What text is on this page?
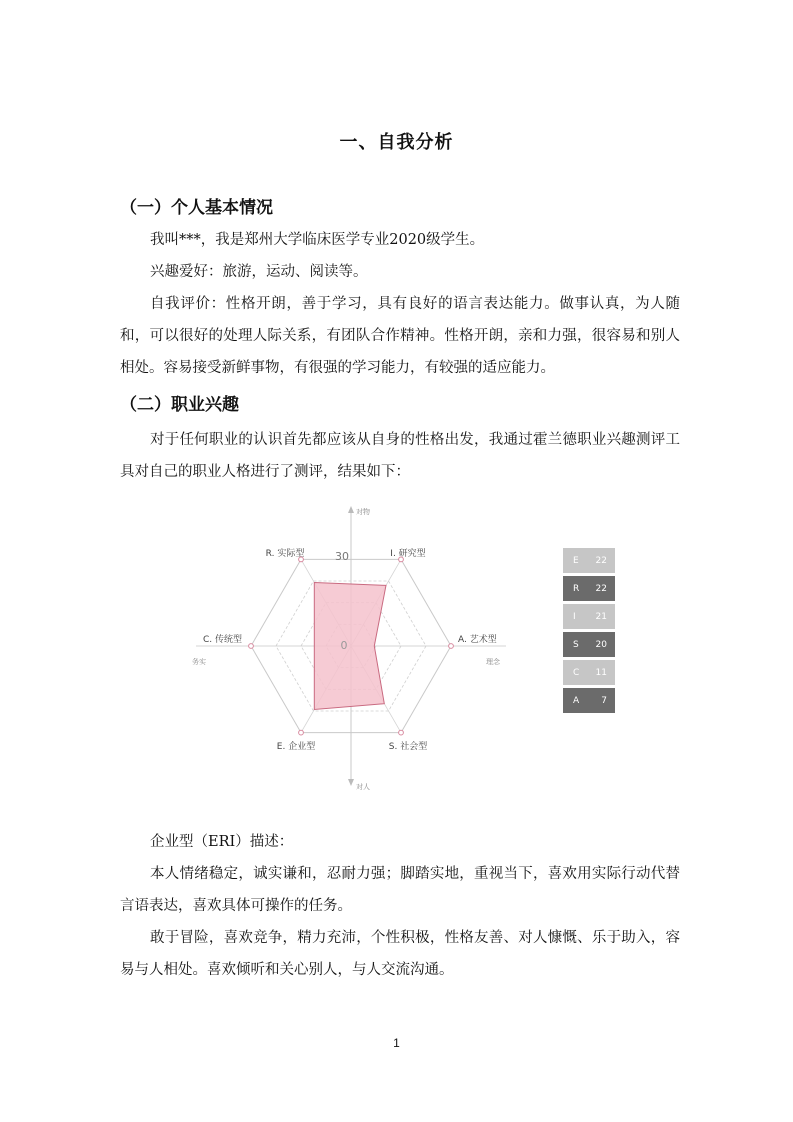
一、自我分析
（一）个人基本情况
我叫***，我是郑州大学临床医学专业2020级学生。
兴趣爱好：旅游，运动、阅读等。
自我评价：性格开朗，善于学习，具有良好的语言表达能力。做事认真，为人随和，可以很好的处理人际关系，有团队合作精神。性格开朗，亲和力强，很容易和别人相处。容易接受新鲜事物，有很强的学习能力，有较强的适应能力。
（二）职业兴趣
对于任何职业的认识首先都应该从自身的性格出发，我通过霍兰德职业兴趣测评工具对自己的职业人格进行了测评，结果如下：
R. 实际型	I. 研究型
A. 艺术型
S. 社会型
E. 企业型
C. 传统型
对物
对人
务实	理念
30
0
E 22
R 22
I 21
S 20
C 11
A 7
企业型（ERI）描述：
本人情绪稳定，诚实谦和，忍耐力强；脚踏实地，重视当下，喜欢用实际行动代替言语表达，喜欢具体可操作的任务。
敢于冒险，喜欢竞争，精力充沛，个性积极，性格友善、对人慷慨、乐于助入，容易与人相处。喜欢倾听和关心别人，与人交流沟通。
1
